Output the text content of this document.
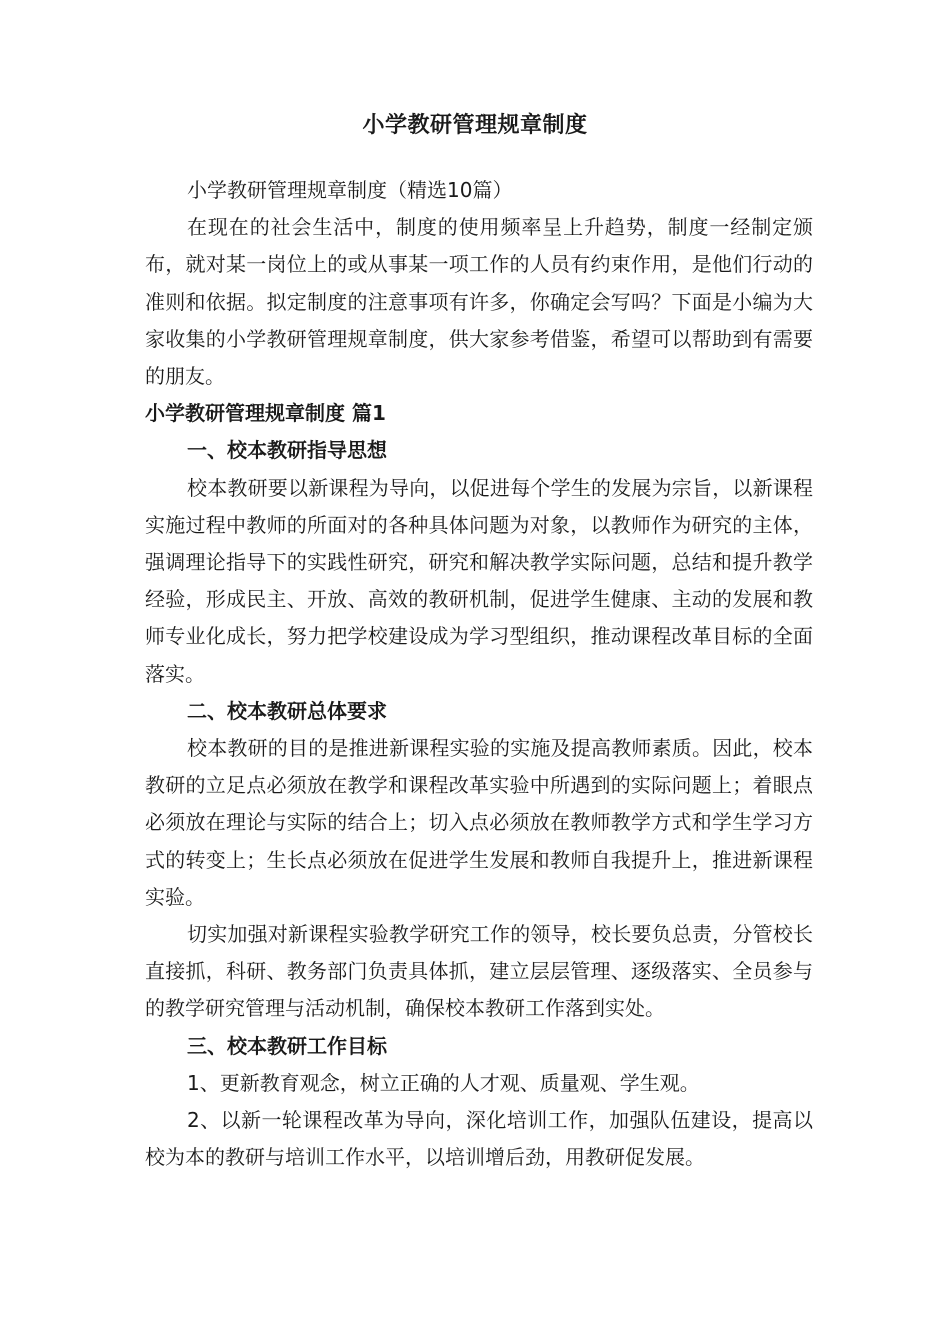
小学教研管理规章制度

小学教研管理规章制度（精选10篇）

在现在的社会生活中，制度的使用频率呈上升趋势，制度一经制定颁布，就对某一岗位上的或从事某一项工作的人员有约束作用，是他们行动的准则和依据。拟定制度的注意事项有许多，你确定会写吗？下面是小编为大家收集的小学教研管理规章制度，供大家参考借鉴，希望可以帮助到有需要的朋友。

小学教研管理规章制度 篇1

一、校本教研指导思想

校本教研要以新课程为导向，以促进每个学生的发展为宗旨，以新课程实施过程中教师的所面对的各种具体问题为对象，以教师作为研究的主体，强调理论指导下的实践性研究，研究和解决教学实际问题，总结和提升教学经验，形成民主、开放、高效的教研机制，促进学生健康、主动的发展和教师专业化成长，努力把学校建设成为学习型组织，推动课程改革目标的全面落实。

二、校本教研总体要求

校本教研的目的是推进新课程实验的实施及提高教师素质。因此，校本教研的立足点必须放在教学和课程改革实验中所遇到的实际问题上；着眼点必须放在理论与实际的结合上；切入点必须放在教师教学方式和学生学习方式的转变上；生长点必须放在促进学生发展和教师自我提升上，推进新课程实验。

切实加强对新课程实验教学研究工作的领导，校长要负总责，分管校长直接抓，科研、教务部门负责具体抓，建立层层管理、逐级落实、全员参与的教学研究管理与活动机制，确保校本教研工作落到实处。

三、校本教研工作目标

1、更新教育观念，树立正确的人才观、质量观、学生观。

2、以新一轮课程改革为导向，深化培训工作，加强队伍建设，提高以校为本的教研与培训工作水平，以培训增后劲，用教研促发展。
